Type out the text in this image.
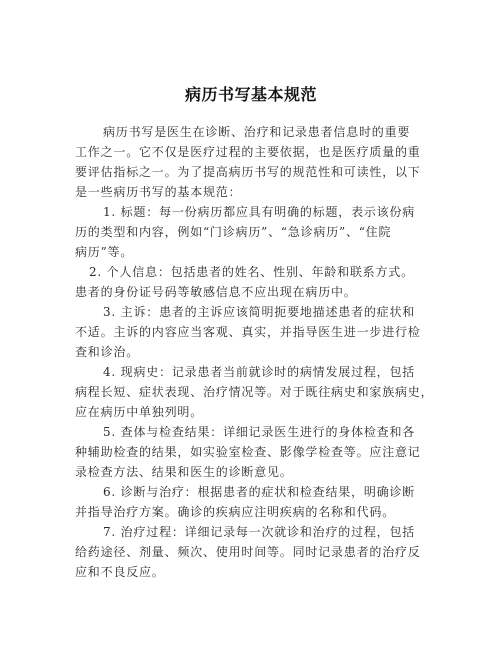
病历书写基本规范
病历书写是医生在诊断、治疗和记录患者信息时的重要
工作之一。它不仅是医疗过程的主要依据，也是医疗质量的重
要评估指标之一。为了提高病历书写的规范性和可读性，以下
是一些病历书写的基本规范：
1. 标题：每一份病历都应具有明确的标题，表示该份病
历的类型和内容，例如“门诊病历”、“急诊病历”、“住院
病历”等。
2. 个人信息：包括患者的姓名、性别、年龄和联系方式。
患者的身份证号码等敏感信息不应出现在病历中。
3. 主诉：患者的主诉应该简明扼要地描述患者的症状和
不适。主诉的内容应当客观、真实，并指导医生进一步进行检
查和诊治。
4. 现病史：记录患者当前就诊时的病情发展过程，包括
病程长短、症状表现、治疗情况等。对于既往病史和家族病史，
应在病历中单独列明。
5. 查体与检查结果：详细记录医生进行的身体检查和各
种辅助检查的结果，如实验室检查、影像学检查等。应注意记
录检查方法、结果和医生的诊断意见。
6. 诊断与治疗：根据患者的症状和检查结果，明确诊断
并指导治疗方案。确诊的疾病应注明疾病的名称和代码。
7. 治疗过程：详细记录每一次就诊和治疗的过程，包括
给药途径、剂量、频次、使用时间等。同时记录患者的治疗反
应和不良反应。
